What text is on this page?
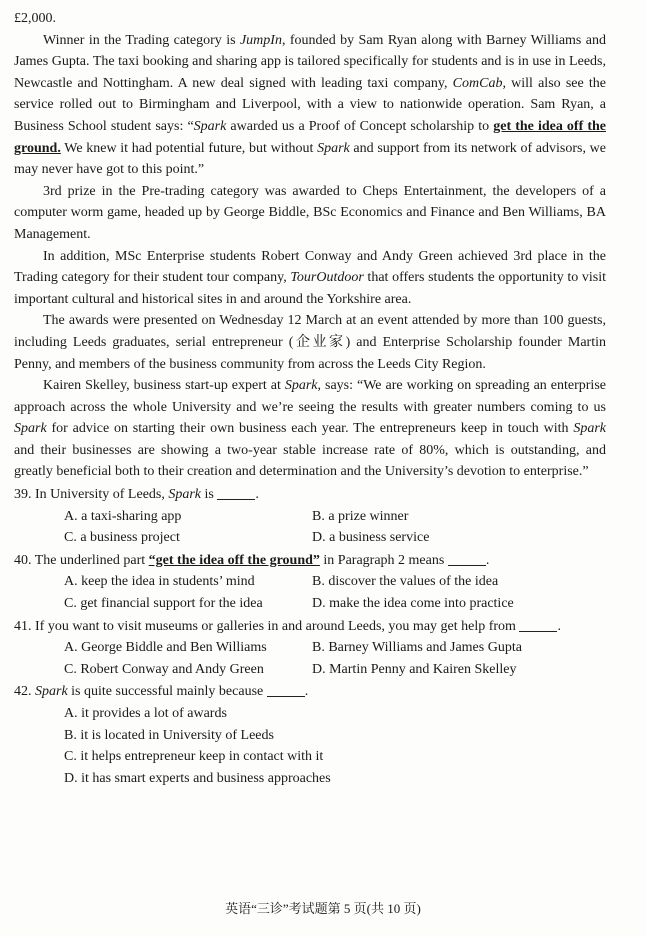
£2,000.

Winner in the Trading category is JumpIn, founded by Sam Ryan along with Barney Williams and James Gupta. The taxi booking and sharing app is tailored specifically for students and is in use in Leeds, Newcastle and Nottingham. A new deal signed with leading taxi company, ComCab, will also see the service rolled out to Birmingham and Liverpool, with a view to nationwide operation. Sam Ryan, a Business School student says: “Spark awarded us a Proof of Concept scholarship to get the idea off the ground. We knew it had potential future, but without Spark and support from its network of advisors, we may never have got to this point.”

3rd prize in the Pre-trading category was awarded to Cheps Entertainment, the developers of a computer worm game, headed up by George Biddle, BSc Economics and Finance and Ben Williams, BA Management.

In addition, MSc Enterprise students Robert Conway and Andy Green achieved 3rd place in the Trading category for their student tour company, TourOutdoor that offers students the opportunity to visit important cultural and historical sites in and around the Yorkshire area.

The awards were presented on Wednesday 12 March at an event attended by more than 100 guests, including Leeds graduates, serial entrepreneur (企业家) and Enterprise Scholarship founder Martin Penny, and members of the business community from across the Leeds City Region.

Kairen Skelley, business start-up expert at Spark, says: “We are working on spreading an enterprise approach across the whole University and we’re seeing the results with greater numbers coming to us Spark for advice on starting their own business each year. The entrepreneurs keep in touch with Spark and their businesses are showing a two-year stable increase rate of 80%, which is outstanding, and greatly beneficial both to their creation and determination and the University’s devotion to enterprise.”

39. In University of Leeds, Spark is	.

A. a taxi-sharing app	B. a prize winner
C. a business project	D. a business service

40. The underlined part “get the idea off the ground” in Paragraph 2 means	.

A. keep the idea in students’ mind	B. discover the values of the idea
C. get financial support for the idea	D. make the idea come into practice

41. If you want to visit museums or galleries in and around Leeds, you may get help from	.

A. George Biddle and Ben Williams	B. Barney Williams and James Gupta
C. Robert Conway and Andy Green	D. Martin Penny and Kairen Skelley

42. Spark is quite successful mainly because	.

A. it provides a lot of awards

B. it is located in University of Leeds

C. it helps entrepreneur keep in contact with it

D. it has smart experts and business approaches

英语“三诊”考试题第 5 页(共 10 页)
